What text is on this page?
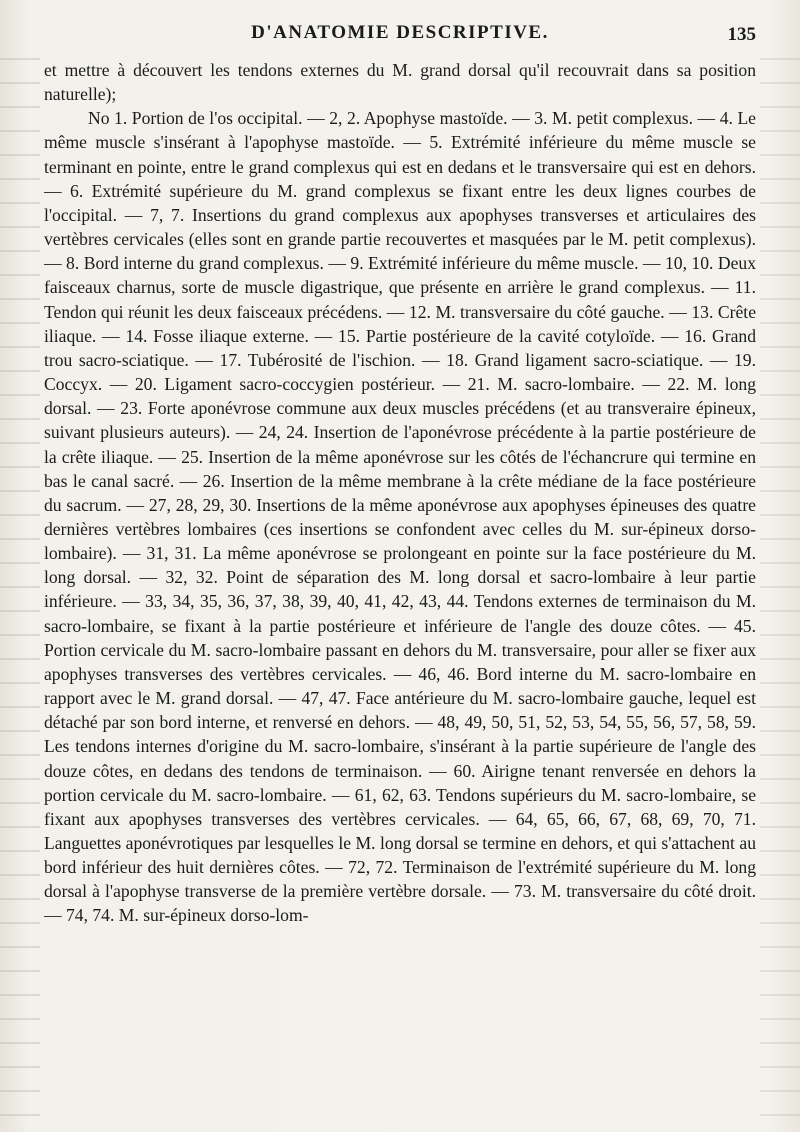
D'ANATOMIE DESCRIPTIVE.	135

et mettre à découvert les tendons externes du M. grand dorsal qu'il recouvrait dans sa position naturelle);

No 1. Portion de l'os occipital. — 2, 2. Apophyse mastoïde. — 3. M. petit complexus. — 4. Le même muscle s'insérant à l'apophyse mastoïde. — 5. Extrémité inférieure du même muscle se terminant en pointe, entre le grand complexus qui est en dedans et le transversaire qui est en dehors. — 6. Extrémité supérieure du M. grand complexus se fixant entre les deux lignes courbes de l'occipital. — 7, 7. Insertions du grand complexus aux apophyses transverses et articulaires des vertèbres cervicales (elles sont en grande partie recouvertes et masquées par le M. petit complexus). — 8. Bord interne du grand complexus. — 9. Extrémité inférieure du même muscle. — 10, 10. Deux faisceaux charnus, sorte de muscle digastrique, que présente en arrière le grand complexus. — 11. Tendon qui réunit les deux faisceaux précédens. — 12. M. transversaire du côté gauche. — 13. Crête iliaque. — 14. Fosse iliaque externe. — 15. Partie postérieure de la cavité cotyloïde. — 16. Grand trou sacro-sciatique. — 17. Tubérosité de l'ischion. — 18. Grand ligament sacro-sciatique. — 19. Coccyx. — 20. Ligament sacro-coccygien postérieur. — 21. M. sacro-lombaire. — 22. M. long dorsal. — 23. Forte aponévrose commune aux deux muscles précédens (et au transveraire épineux, suivant plusieurs auteurs). — 24, 24. Insertion de l'aponévrose précédente à la partie postérieure de la crête iliaque. — 25. Insertion de la même aponévrose sur les côtés de l'échancrure qui termine en bas le canal sacré. — 26. Insertion de la même membrane à la crête médiane de la face postérieure du sacrum. — 27, 28, 29, 30. Insertions de la même aponévrose aux apophyses épineuses des quatre dernières vertèbres lombaires (ces insertions se confondent avec celles du M. sur-épineux dorso-lombaire). — 31, 31. La même aponévrose se prolongeant en pointe sur la face postérieure du M. long dorsal. — 32, 32. Point de séparation des M. long dorsal et sacro-lombaire à leur partie inférieure. — 33, 34, 35, 36, 37, 38, 39, 40, 41, 42, 43, 44. Tendons externes de terminaison du M. sacro-lombaire, se fixant à la partie postérieure et inférieure de l'angle des douze côtes. — 45. Portion cervicale du M. sacro-lombaire passant en dehors du M. transversaire, pour aller se fixer aux apophyses transverses des vertèbres cervicales. — 46, 46. Bord interne du M. sacro-lombaire en rapport avec le M. grand dorsal. — 47, 47. Face antérieure du M. sacro-lombaire gauche, lequel est détaché par son bord interne, et renversé en dehors. — 48, 49, 50, 51, 52, 53, 54, 55, 56, 57, 58, 59. Les tendons internes d'origine du M. sacro-lombaire, s'insérant à la partie supérieure de l'angle des douze côtes, en dedans des tendons de terminaison. — 60. Airigne tenant renversée en dehors la portion cervicale du M. sacro-lombaire. — 61, 62, 63. Tendons supérieurs du M. sacro-lombaire, se fixant aux apophyses transverses des vertèbres cervicales. — 64, 65, 66, 67, 68, 69, 70, 71. Languettes aponévrotiques par lesquelles le M. long dorsal se termine en dehors, et qui s'attachent au bord inférieur des huit dernières côtes. — 72, 72. Terminaison de l'extrémité supérieure du M. long dorsal à l'apophyse transverse de la première vertèbre dorsale. — 73. M. transversaire du côté droit. — 74, 74. M. sur-épineux dorso-lom-
